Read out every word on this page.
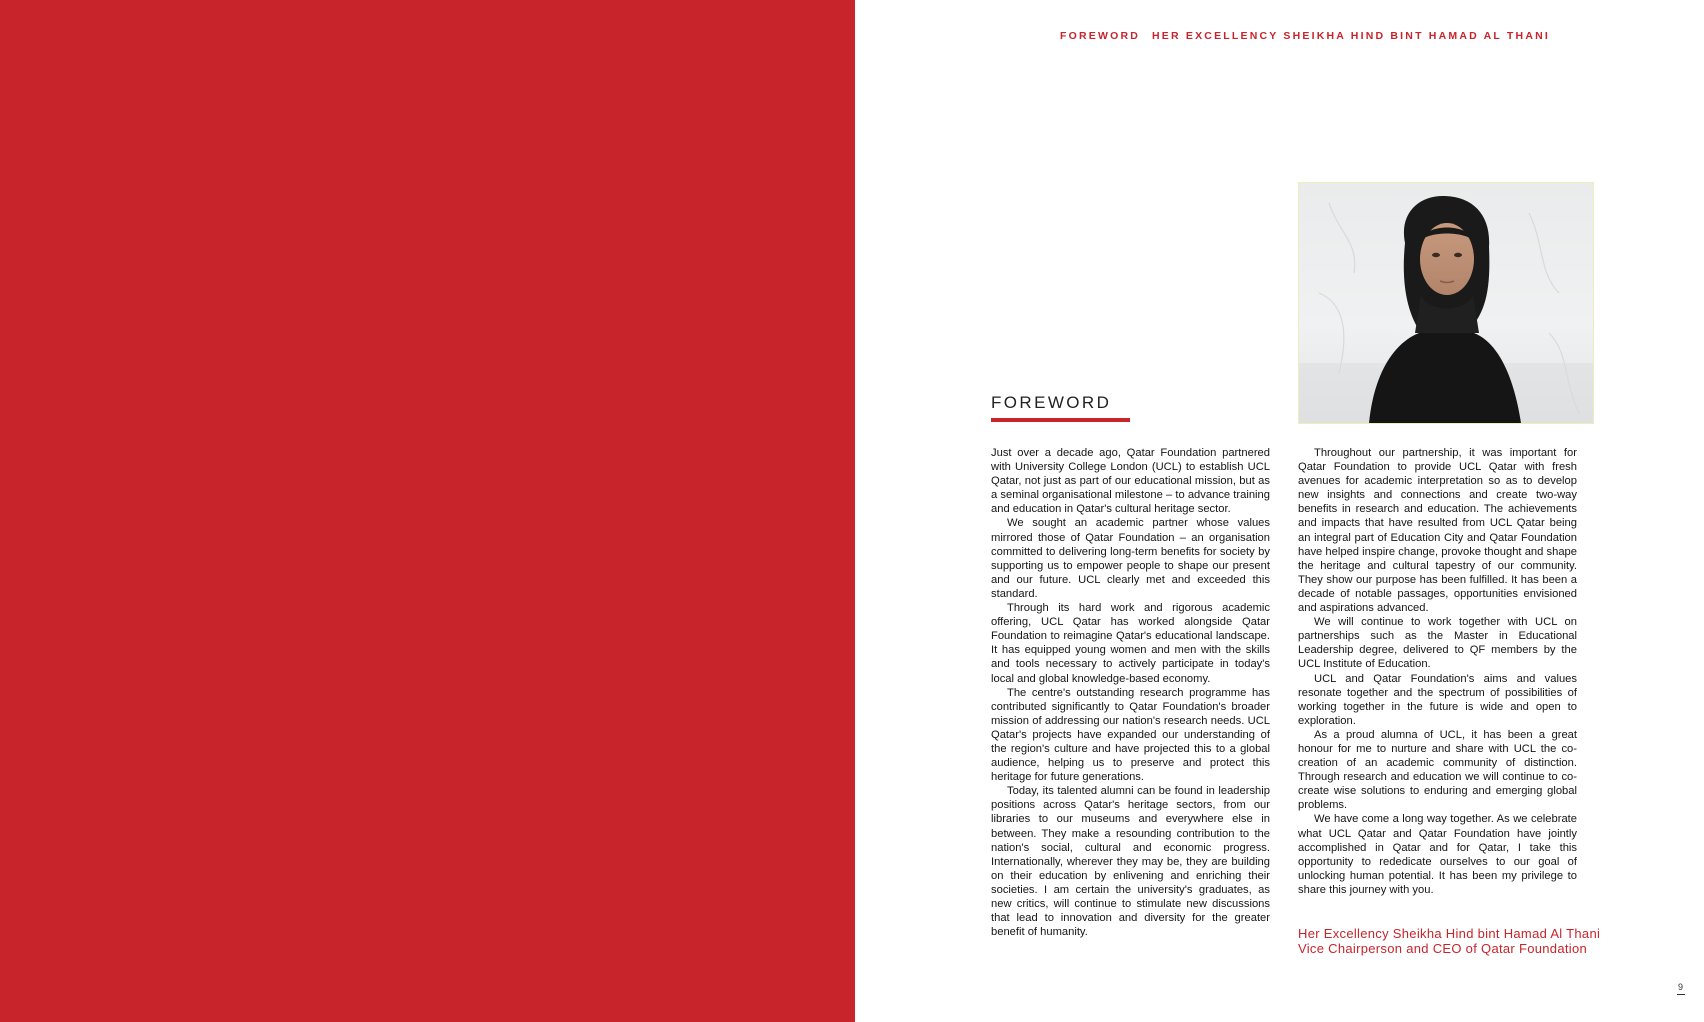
FOREWORD HER EXCELLENCY SHEIKHA HIND BINT HAMAD AL THANI
FOREWORD

Just over a decade ago, Qatar Foundation partnered with University College London (UCL) to establish UCL Qatar, not just as part of our educational mission, but as a seminal organisational milestone – to advance training and education in Qatar's cultural heritage sector.

We sought an academic partner whose values mirrored those of Qatar Foundation – an organisation committed to delivering long-term benefits for society by supporting us to empower people to shape our present and our future. UCL clearly met and exceeded this standard.

Through its hard work and rigorous academic offering, UCL Qatar has worked alongside Qatar Foundation to reimagine Qatar's educational landscape. It has equipped young women and men with the skills and tools necessary to actively participate in today's local and global knowledge-based economy.

The centre's outstanding research programme has contributed significantly to Qatar Foundation's broader mission of addressing our nation's research needs. UCL Qatar's projects have expanded our understanding of the region's culture and have projected this to a global audience, helping us to preserve and protect this heritage for future generations.

Today, its talented alumni can be found in leadership positions across Qatar's heritage sectors, from our libraries to our museums and everywhere else in between. They make a resounding contribution to the nation's social, cultural and economic progress. Internationally, wherever they may be, they are building on their education by enlivening and enriching their societies. I am certain the university's graduates, as new critics, will continue to stimulate new discussions that lead to innovation and diversity for the greater benefit of humanity.

Throughout our partnership, it was important for Qatar Foundation to provide UCL Qatar with fresh avenues for academic interpretation so as to develop new insights and connections and create two-way benefits in research and education. The achievements and impacts that have resulted from UCL Qatar being an integral part of Education City and Qatar Foundation have helped inspire change, provoke thought and shape the heritage and cultural tapestry of our community. They show our purpose has been fulfilled. It has been a decade of notable passages, opportunities envisioned and aspirations advanced.

We will continue to work together with UCL on partnerships such as the Master in Educational Leadership degree, delivered to QF members by the UCL Institute of Education.

UCL and Qatar Foundation's aims and values resonate together and the spectrum of possibilities of working together in the future is wide and open to exploration.

As a proud alumna of UCL, it has been a great honour for me to nurture and share with UCL the co-creation of an academic community of distinction. Through research and education we will continue to co-create wise solutions to enduring and emerging global problems.

We have come a long way together. As we celebrate what UCL Qatar and Qatar Foundation have jointly accomplished in Qatar and for Qatar, I take this opportunity to rededicate ourselves to our goal of unlocking human potential. It has been my privilege to share this journey with you.

Her Excellency Sheikha Hind bint Hamad Al Thani
Vice Chairperson and CEO of Qatar Foundation
9
